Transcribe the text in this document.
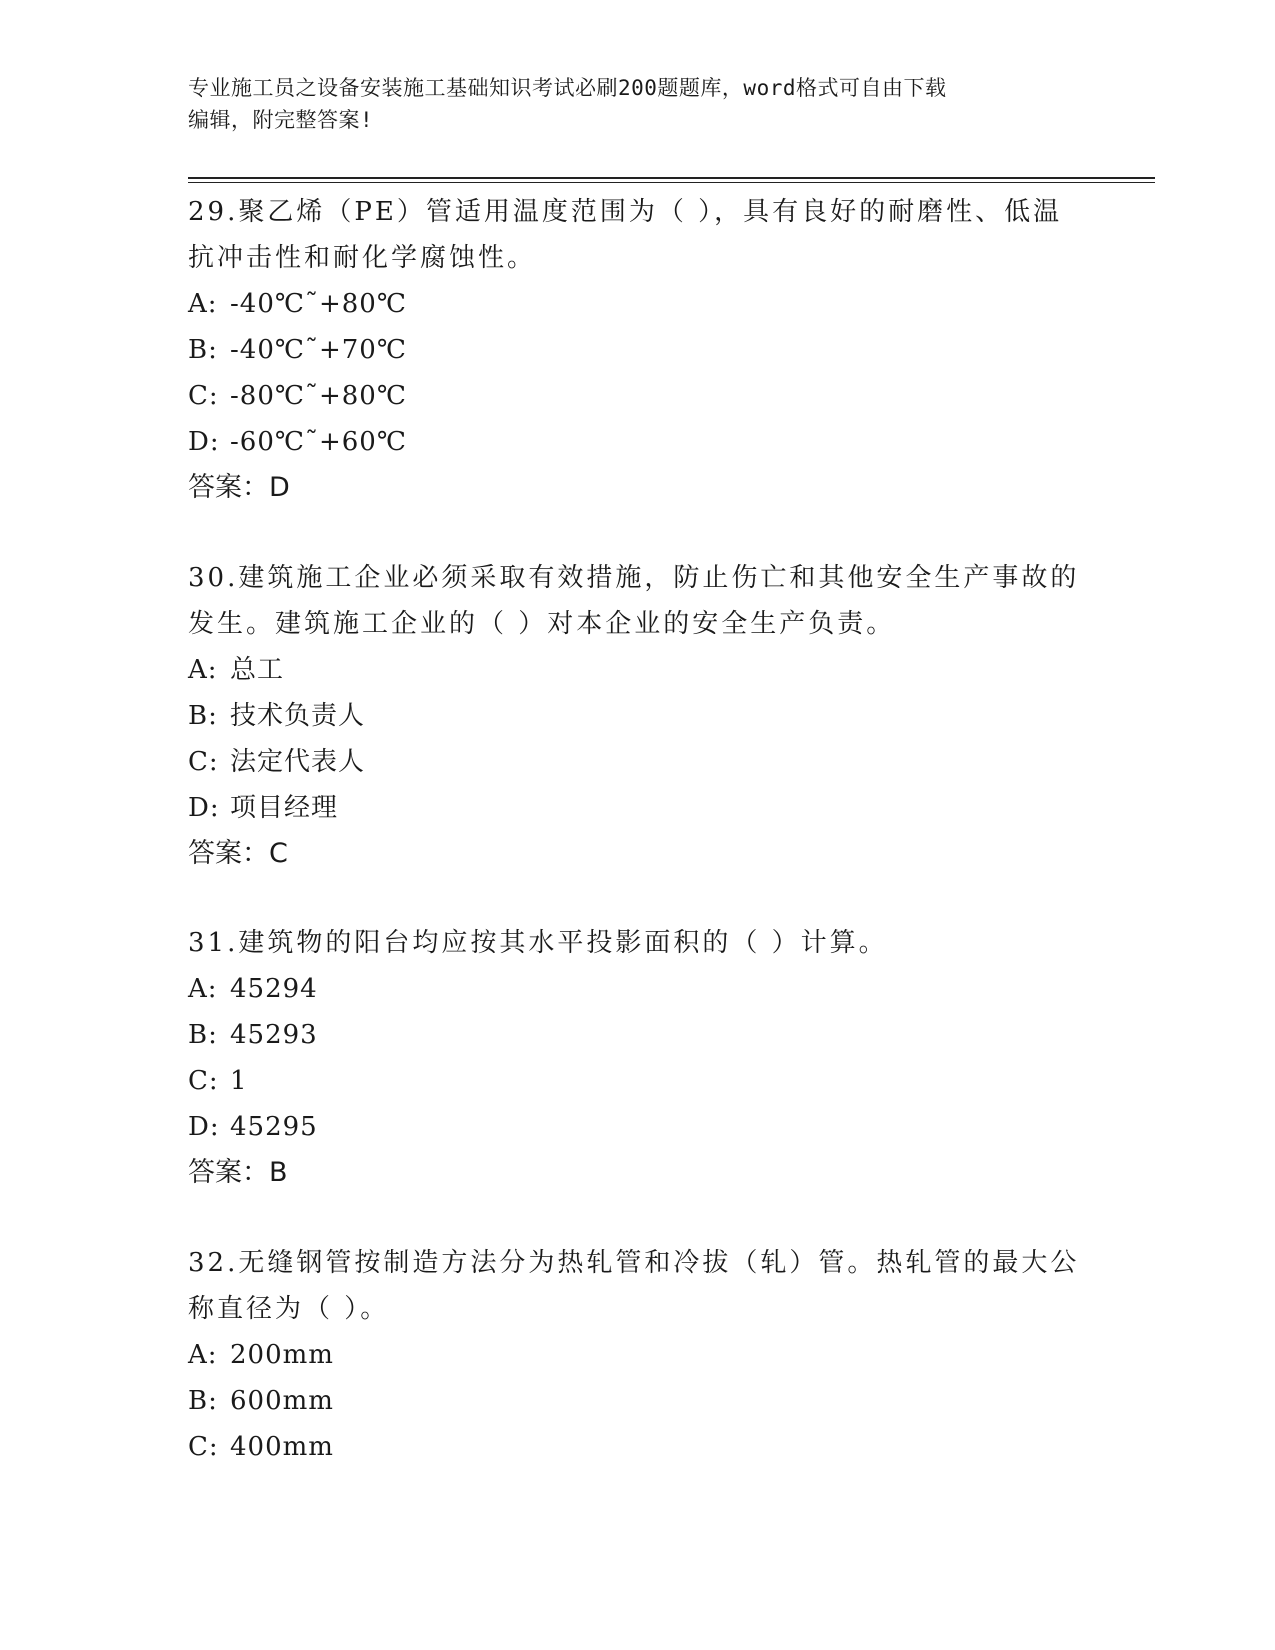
专业施工员之设备安装施工基础知识考试必刷200题题库，word格式可自由下载
编辑，附完整答案!

29.聚乙烯（PE）管适用温度范围为（ ），具有良好的耐磨性、低温

抗冲击性和耐化学腐蚀性。

A: -40℃˜+80℃

B: -40℃˜+70℃

C: -80℃˜+80℃

D: -60℃˜+60℃

答案：D

30.建筑施工企业必须采取有效措施，防止伤亡和其他安全生产事故的

发生。建筑施工企业的（ ）对本企业的安全生产负责。

A: 总工

B: 技术负责人

C: 法定代表人

D: 项目经理

答案：C

31.建筑物的阳台均应按其水平投影面积的（ ）计算。

A: 45294

B: 45293

C: 1

D: 45295

答案：B

32.无缝钢管按制造方法分为热轧管和冷拔（轧）管。热轧管的最大公

称直径为（ ）。

A: 200mm

B: 600mm

C: 400mm
